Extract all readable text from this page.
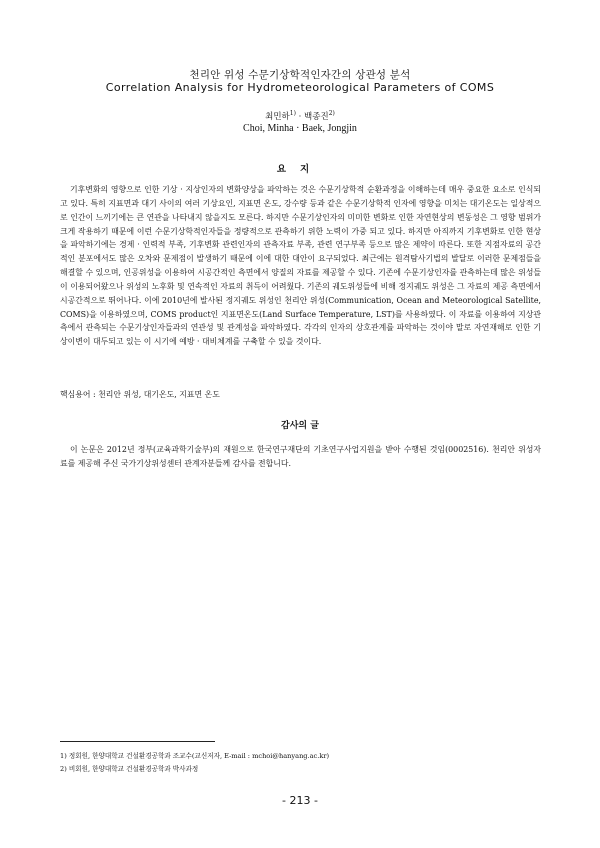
천리안 위성 수문기상학적인자간의 상관성 분석
Correlation Analysis for Hydrometeorological Parameters of COMS
최민하$^{1)}$ · 백종진$^{2)}$
Choi, Minha · Baek, Jongjin
요지

기후변화의 영향으로 인한 기상 · 지상인자의 변화양상을 파악하는 것은 수문기상학적 순환과정을 이해하는데 매우 중요한 요소로 인식되고 있다. 특히 지표면과 대기 사이의 여러 기상요인, 지표면 온도, 강수량 등과 같은 수문기상학적 인자에 영향을 미치는 대기온도는 일상적으로 인간이 느끼기에는 큰 연관을 나타내지 않을지도 모른다. 하지만 수문기상인자의 미미한 변화로 인한 자연현상의 변동성은 그 영향 범위가 크게 작용하기 때문에 이런 수문기상학적인자들을 정량적으로 관측하기 위한 노력이 가중 되고 있다. 하지만 아직까지 기후변화로 인한 현상을 파악하기에는 경제 · 인력적 부족, 기후변화 관련인자의 관측자료 부족, 관련 연구부족 등으로 많은 제약이 따른다. 또한 지점자료의 공간적인 분포에서도 많은 오차와 문제점이 발생하기 때문에 이에 대한 대안이 요구되었다. 최근에는 원격탐사기법의 발달로 이러한 문제점들을 해결할 수 있으며, 인공위성을 이용하여 시공간적인 측면에서 양질의 자료를 제공할 수 있다. 기존에 수문기상인자를 관측하는데 많은 위성들이 이용되어왔으나 위성의 노후화 및 연속적인 자료의 취득이 어려웠다. 기존의 궤도위성들에 비해 정지궤도 위성은 그 자료의 제공 측면에서 시공간적으로 뛰어나다. 이에 2010년에 발사된 정지궤도 위성인 천리안 위성(Communication, Ocean and Meteorological Satellite, COMS)을 이용하였으며, COMS product인 지표면온도(Land Surface Temperature, LST)를 사용하였다. 이 자료를 이용하여 지상관측에서 관측되는 수문기상인자들과의 연관성 및 관계성을 파악하였다. 각각의 인자의 상호관계를 파악하는 것이야 말로 자연재해로 인한 기상이변이 대두되고 있는 이 시기에 예방 · 대비체계를 구축할 수 있을 것이다.

핵심용어 : 천리안 위성, 대기온도, 지표면 온도

감사의 글

이 논문은 2012년 정부(교육과학기술부)의 재원으로 한국연구재단의 기초연구사업지원을 받아 수행된 것임(0002516). 천리안 위성자료를 제공해 주신 국가기상위성센터 관계자분들께 감사를 전합니다.

1) 정회원, 한양대학교 건설환경공학과 조교수(교신저자, E-mail : mchoi@hanyang.ac.kr)

2) 비회원, 한양대학교 건설환경공학과 박사과정

- 213 -
